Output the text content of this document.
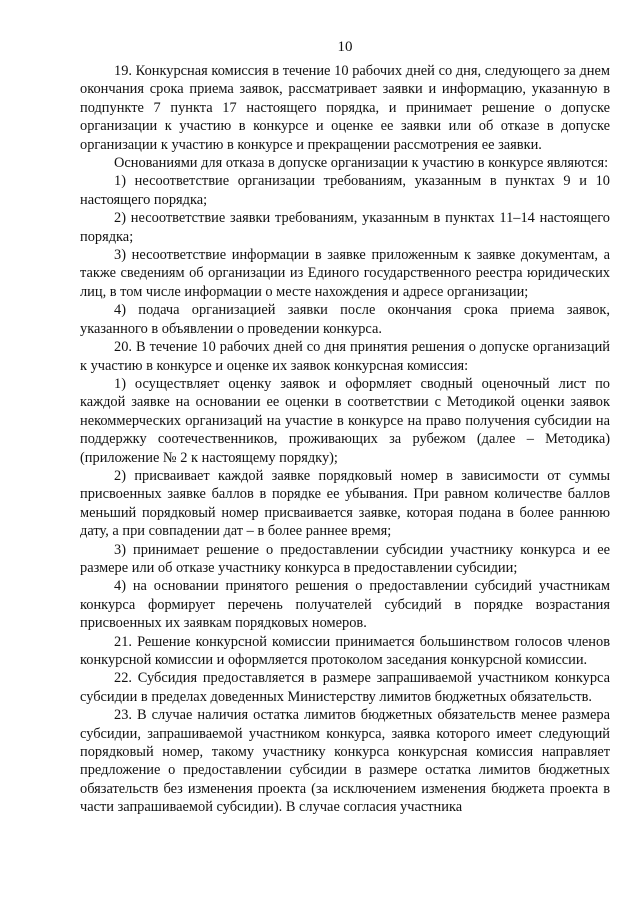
10

19. Конкурсная комиссия в течение 10 рабочих дней со дня, следующего за днем окончания срока приема заявок, рассматривает заявки и информацию, указанную в подпункте 7 пункта 17 настоящего порядка, и принимает решение о допуске организации к участию в конкурсе и оценке ее заявки или об отказе в допуске организации к участию в конкурсе и прекращении рассмотрения ее заявки.

Основаниями для отказа в допуске организации к участию в конкурсе являются:

1) несоответствие организации требованиям, указанным в пунктах 9 и 10 настоящего порядка;

2) несоответствие заявки требованиям, указанным в пунктах 11–14 настоящего порядка;

3) несоответствие информации в заявке приложенным к заявке документам, а также сведениям об организации из Единого государственного реестра юридических лиц, в том числе информации о месте нахождения и адресе организации;

4) подача организацией заявки после окончания срока приема заявок, указанного в объявлении о проведении конкурса.

20. В течение 10 рабочих дней со дня принятия решения о допуске организаций к участию в конкурсе и оценке их заявок конкурсная комиссия:

1) осуществляет оценку заявок и оформляет сводный оценочный лист по каждой заявке на основании ее оценки в соответствии с Методикой оценки заявок некоммерческих организаций на участие в конкурсе на право получения субсидии на поддержку соотечественников, проживающих за рубежом (далее – Методика) (приложение № 2 к настоящему порядку);

2) присваивает каждой заявке порядковый номер в зависимости от суммы присвоенных заявке баллов в порядке ее убывания. При равном количестве баллов меньший порядковый номер присваивается заявке, которая подана в более раннюю дату, а при совпадении дат – в более раннее время;

3) принимает решение о предоставлении субсидии участнику конкурса и ее размере или об отказе участнику конкурса в предоставлении субсидии;

4) на основании принятого решения о предоставлении субсидий участникам конкурса формирует перечень получателей субсидий в порядке возрастания присвоенных их заявкам порядковых номеров.

21. Решение конкурсной комиссии принимается большинством голосов членов конкурсной комиссии и оформляется протоколом заседания конкурсной комиссии.

22. Субсидия предоставляется в размере запрашиваемой участником конкурса субсидии в пределах доведенных Министерству лимитов бюджетных обязательств.

23. В случае наличия остатка лимитов бюджетных обязательств менее размера субсидии, запрашиваемой участником конкурса, заявка которого имеет следующий порядковый номер, такому участнику конкурса конкурсная комиссия направляет предложение о предоставлении субсидии в размере остатка лимитов бюджетных обязательств без изменения проекта (за исключением изменения бюджета проекта в части запрашиваемой субсидии). В случае согласия участника
